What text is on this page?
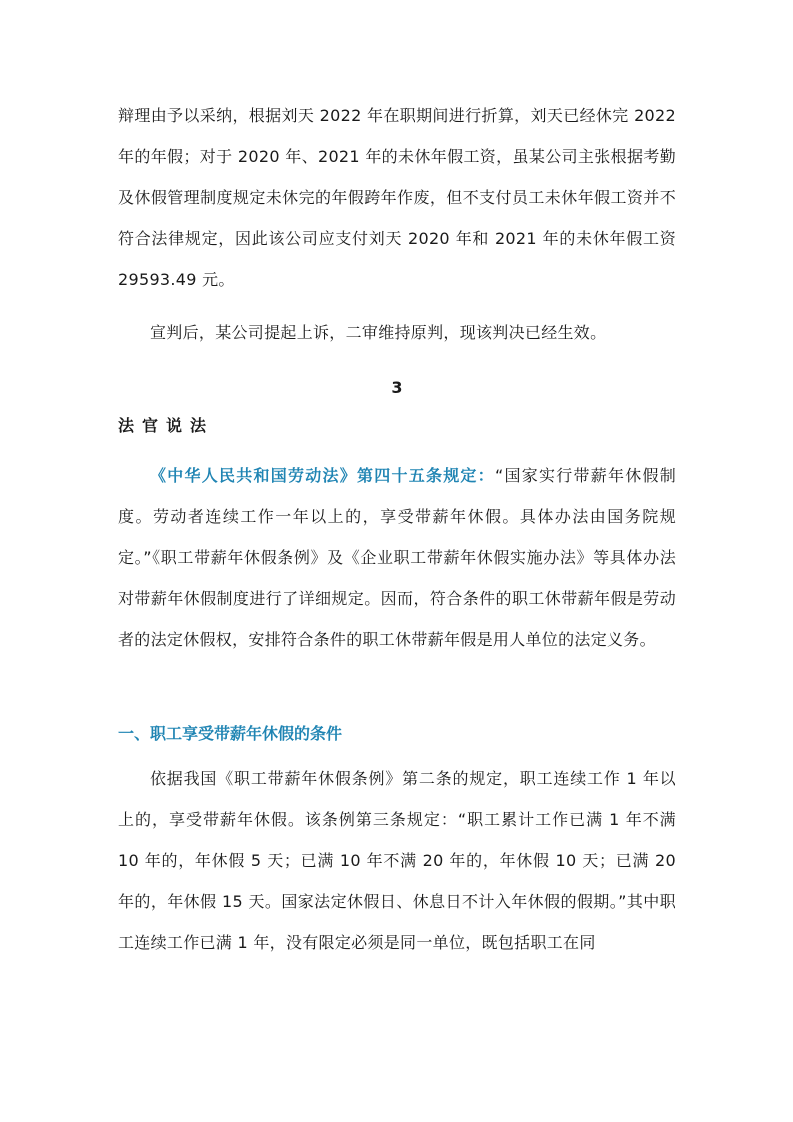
辩理由予以采纳，根据刘天 2022 年在职期间进行折算，刘天已经休完 2022 年的年假；对于 2020 年、2021 年的未休年假工资，虽某公司主张根据考勤及休假管理制度规定未休完的年假跨年作废，但不支付员工未休年假工资并不符合法律规定，因此该公司应支付刘天 2020 年和 2021 年的未休年假工资 29593.49 元。

宣判后，某公司提起上诉，二审维持原判，现该判决已经生效。

3

法官说法

《中华人民共和国劳动法》第四十五条规定：“国家实行带薪年休假制度。劳动者连续工作一年以上的，享受带薪年休假。具体办法由国务院规定。”《职工带薪年休假条例》及《企业职工带薪年休假实施办法》等具体办法对带薪年休假制度进行了详细规定。因而，符合条件的职工休带薪年假是劳动者的法定休假权，安排符合条件的职工休带薪年假是用人单位的法定义务。

一、职工享受带薪年休假的条件

依据我国《职工带薪年休假条例》第二条的规定，职工连续工作 1 年以上的，享受带薪年休假。该条例第三条规定：“职工累计工作已满 1 年不满 10 年的，年休假 5 天；已满 10 年不满 20 年的，年休假 10 天；已满 20 年的，年休假 15 天。国家法定休假日、休息日不计入年休假的假期。”其中职工连续工作已满 1 年，没有限定必须是同一单位，既包括职工在同
